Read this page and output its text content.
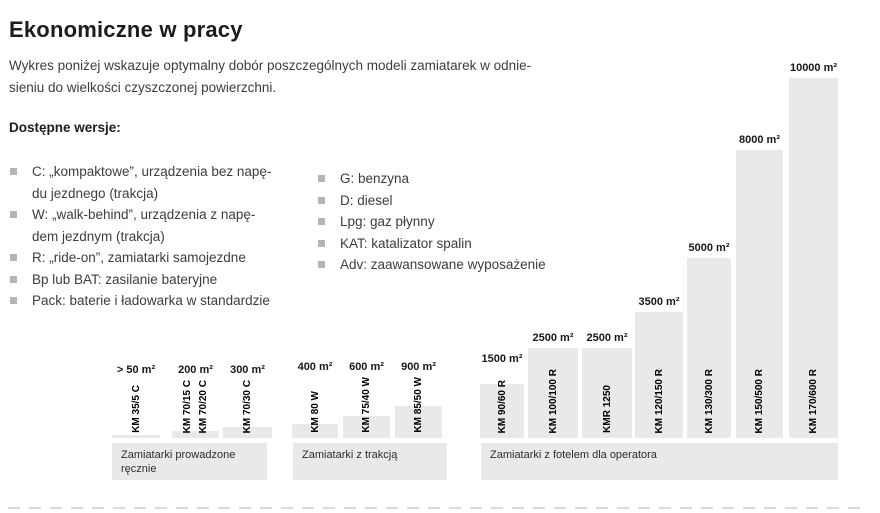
Ekonomiczne w pracy
Wykres poniżej wskazuje optymalny dobór poszczególnych modeli zamiatarek w odnie-
sieniu do wielkości czyszczonej powierzchni.
Dostępne wersje:
C: „kompaktowe”, urządzenia bez napę-
du jezdnego (trakcja)
W: „walk-behind”, urządzenia z napę-
dem jezdnym (trakcja)
R: „ride-on”, zamiatarki samojezdne
Bp lub BAT: zasilanie bateryjne
Pack: baterie i ładowarka w standardzie
G: benzyna
D: diesel
Lpg: gaz płynny
KAT: katalizator spalin
Adv: zaawansowane wyposażenie
KM 35/5 C	KM 70/15 C KM 70/20 C	KM 70/30 C
> 50 m² 200 m² 300 m²
Zamiatarki prowadzone ręcznie
KM 80 W	KM 75/40 W	KM 85/50 W
400 m² 600 m² 900 m²
Zamiatarki z trakcją
KM 90/60 R	KM 100/100 R	KMR 1250	KM 120/150 R	KM 130/300 R	KM 150/500 R	KM 170/600 R
1500 m²
2500 m² 2500 m²
3500 m²
5000 m²
8000 m²
10000 m²
Zamiatarki z fotelem dla operatora
